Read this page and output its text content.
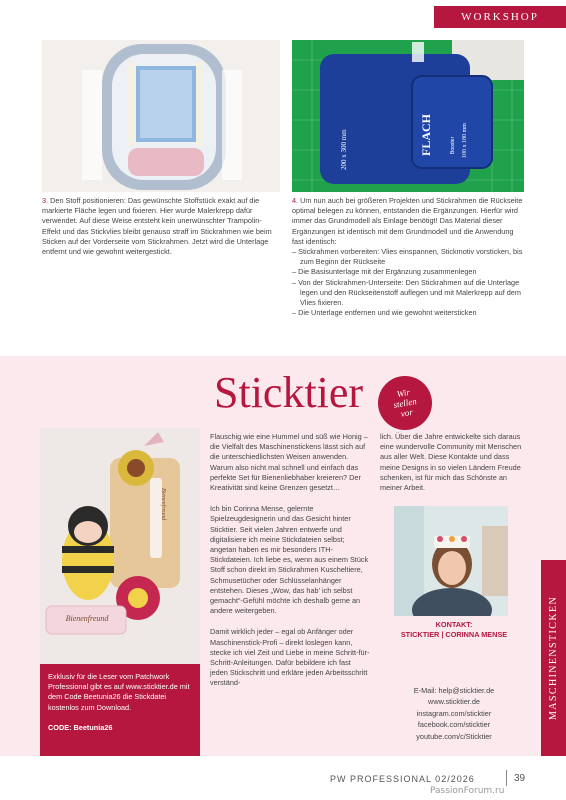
WORKSHOP
FLACH	Booster	100 x 180 mm
200 x 300 mm

3. Den Stoff positionieren: Das gewünschte Stoffstück exakt auf die markierte Fläche legen und fixieren. Hier wurde Malerkrepp dafür verwendet. Auf diese Weise entsteht kein unerwünschter Trampolin-Effekt und das Stickvlies bleibt genauso straff im Stickrahmen wie beim Sticken auf der Vorderseite vom Stickrahmen. Jetzt wird die Unterlage entfernt und wie gewohnt weitergestickt.

4. Um nun auch bei größeren Projekten und Stickrahmen die Rückseite optimal belegen zu können, entstanden die Ergänzungen. Hierfür wird immer das Grundmodell als Einlage benötigt! Das Material dieser Ergänzungen ist identisch mit dem Grundmodell und die Anwendung fast identisch:

– Stickrahmen vorbereiten: Vlies einspannen, Stickmotiv vorsticken, bis zum Beginn der Rückseite
– Die Basisunterlage mit der Ergänzung zusammenlegen
– Von der Stickrahmen-Unterseite: Den Stickrahmen auf die Unterlage legen und den Rückseitenstoff auflegen und mit Malerkrepp auf dem Vlies fixieren.
– Die Unterlage entfernen und wie gewohnt weitersticken
Sticktier	Wir
stellen
vor
Bienenfreund
Bienenfreund

Exklusiv für die Leser vom Patchwork Professional gibt es auf www.sticktier.de mit dem Code Beetunia26 die Stickdatei kostenlos zum Download.

CODE: Beetunia26

Flauschig wie eine Hummel und süß wie Honig – die Vielfalt des Maschinenstickens lässt sich auf die unterschiedlichsten Weisen anwenden. Warum also nicht mal schnell und einfach das perfekte Set für Bienenliebhaber kreieren? Der Kreativität sind keine Grenzen gesetzt…

Ich bin Corinna Mense, gelernte Spielzeugdesignerin und das Gesicht hinter Sticktier. Seit vielen Jahren entwerfe und digitalisiere ich meine Stickdateien selbst; angetan haben es mir besonders ITH-Stickdateien. Ich liebe es, wenn aus einem Stück Stoff schon direkt im Stickrahmen Kuscheltiere, Schmusetücher oder Schlüsselanhänger entstehen. Dieses „Wow, das hab' ich selbst gemacht“-Gefühl möchte ich deshalb gerne an andere weitergeben.

Damit wirklich jeder – egal ob Anfänger oder Maschinenstick-Profi – direkt loslegen kann, stecke ich viel Zeit und Liebe in meine Schritt-für-Schritt-Anleitungen. Dafür bebildere ich fast jeden Stickschritt und erkläre jeden Arbeitsschritt verständ-

lich. Über die Jahre entwickelte sich daraus eine wundervolle Community mit Menschen aus aller Welt. Diese Kontakte und dass meine Designs in so vielen Ländern Freude schenken, ist für mich das Schönste an meiner Arbeit.

KONTAKT:
STICKTIER | CORINNA MENSE
E-Mail: help@sticktier.de
www.sticktier.de
instagram.com/sticktier
facebook.com/sticktier
youtube.com/c/Sticktier
MASCHINENSTICKEN
PW PROFESSIONAL 02/2026	39
PassionForum.ru
